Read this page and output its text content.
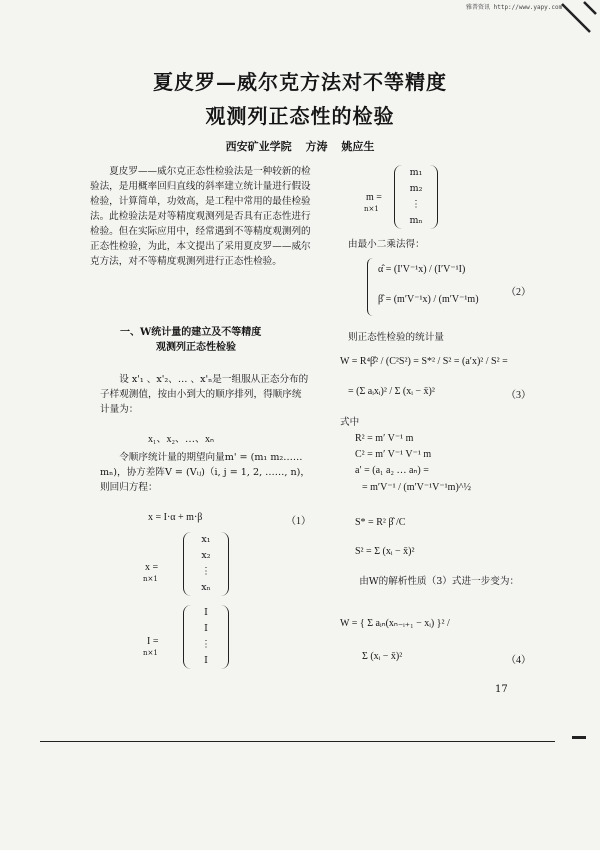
雅普资讯 http://www.yapy.com
夏皮罗—威尔克方法对不等精度
观测列正态性的检验
西安矿业学院 方涛 姚应生

夏皮罗——威尔克正态性检验法是一种较新的检验法，是用概率回归直线的斜率建立统计量进行假设检验，计算简单，功效高，是工程中常用的最佳检验法。此检验法是对等精度观测列是否具有正态性进行检验。但在实际应用中，经常遇到不等精度观测列的正态性检验，为此，本文提出了采用夏皮罗——威尔克方法，对不等精度观测列进行正态性检验。

一、W统计量的建立及不等精度
观测列正态性检验

设 x'₁ 、x'₂、… 、x'ₙ是一组服从正态分布的子样观测值，按由小到大的顺序排列，得顺序统计量为：

x₁、x₂、…、xₙ

令顺序统计量的期望向量m' = (m₁ m₂……mₙ)，协方差阵V = (Vᵢⱼ)（i, j = 1, 2, ……, n)，则回归方程：

x = I·α + m·β	（1）
x =
n×1
x₁
x₂
⋮
xₙ
I =
n×1
I
I
⋮
I
m =
n×1
m₁
m₂
⋮
mₙ
由最小二乘法得：
α̂ = (I′V⁻¹x) / (I′V⁻¹I)
β̂ = (m′V⁻¹x) / (m′V⁻¹m)
（2）
则正态性检验的统计量
W = R⁴β̂² / (C²S²) = S*² / S² = (a′x)² / S² =
= (Σ aᵢxᵢ)² / Σ (xᵢ − x̄)²	（3）
式中
R² = m′ V⁻¹ m
C² = m′ V⁻¹ V⁻¹ m
a′ = (a₁ a₂ … aₙ) =
= m′V⁻¹ / (m′V⁻¹V⁻¹m)^½
S* = R² β̂ /C
S² = Σ (xᵢ − x̄)²

由W的解析性质（3）式进一步变为：

W = { Σ aᵢₙ(xₙ₋ᵢ₊₁ − xᵢ) }² /
Σ (xᵢ − x̄)²	（4）
17
